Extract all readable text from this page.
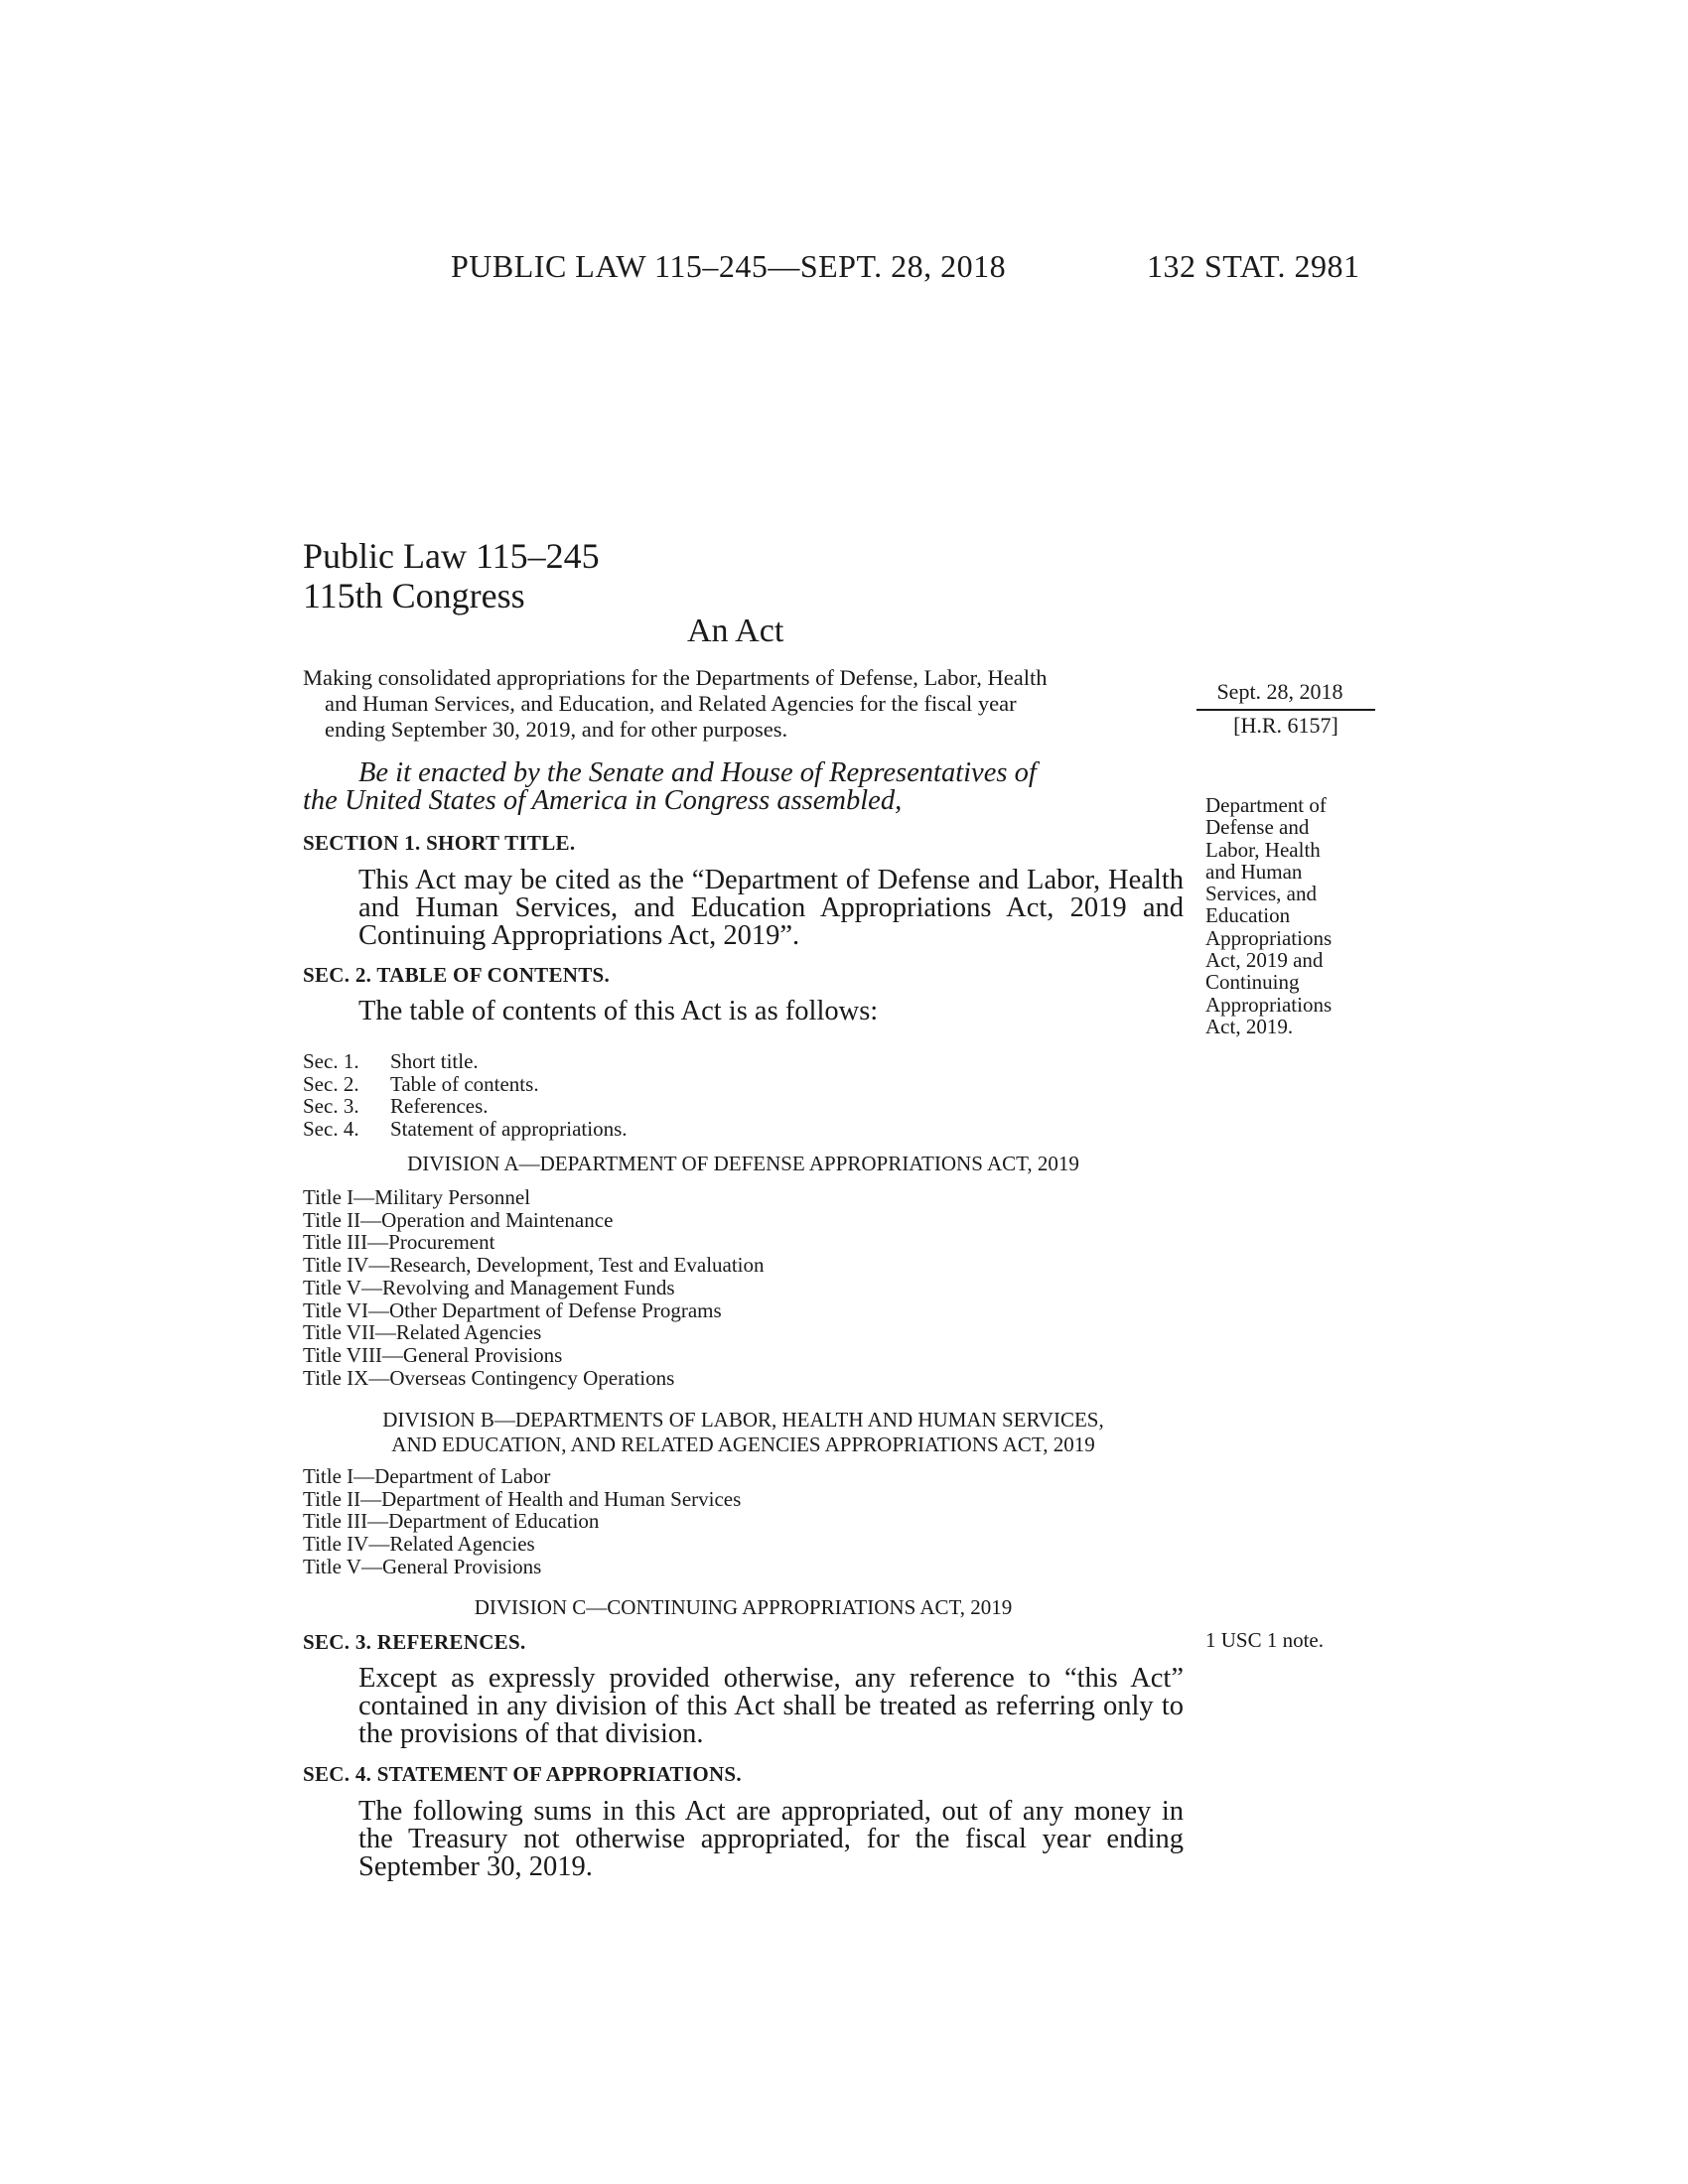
PUBLIC LAW 115–245—SEPT. 28, 2018	132 STAT. 2981
Public Law 115–245
115th Congress
An Act
Making consolidated appropriations for the Departments of Defense, Labor, Health
and Human Services, and Education, and Related Agencies for the fiscal year
ending September 30, 2019, and for other purposes.
Sept. 28, 2018
[H.R. 6157]
Department of
Defense and
Labor, Health
and Human
Services, and
Education
Appropriations
Act, 2019 and
Continuing
Appropriations
Act, 2019.
1 USC 1 note.
Be it enacted by the Senate and House of Representatives of
the United States of America in Congress assembled,
SECTION 1. SHORT TITLE.
This Act may be cited as the “Department of Defense and Labor, Health and Human Services, and Education Appropriations Act, 2019 and Continuing Appropriations Act, 2019”.
SEC. 2. TABLE OF CONTENTS.
The table of contents of this Act is as follows:
Sec. 1. Short title.
Sec. 2. Table of contents.
Sec. 3. References.
Sec. 4. Statement of appropriations.
DIVISION A—DEPARTMENT OF DEFENSE APPROPRIATIONS ACT, 2019
Title I—Military Personnel
Title II—Operation and Maintenance
Title III—Procurement
Title IV—Research, Development, Test and Evaluation
Title V—Revolving and Management Funds
Title VI—Other Department of Defense Programs
Title VII—Related Agencies
Title VIII—General Provisions
Title IX—Overseas Contingency Operations
DIVISION B—DEPARTMENTS OF LABOR, HEALTH AND HUMAN SERVICES,
AND EDUCATION, AND RELATED AGENCIES APPROPRIATIONS ACT, 2019
Title I—Department of Labor
Title II—Department of Health and Human Services
Title III—Department of Education
Title IV—Related Agencies
Title V—General Provisions
DIVISION C—CONTINUING APPROPRIATIONS ACT, 2019
SEC. 3. REFERENCES.
Except as expressly provided otherwise, any reference to “this Act” contained in any division of this Act shall be treated as referring only to the provisions of that division.
SEC. 4. STATEMENT OF APPROPRIATIONS.
The following sums in this Act are appropriated, out of any money in the Treasury not otherwise appropriated, for the fiscal year ending September 30, 2019.
